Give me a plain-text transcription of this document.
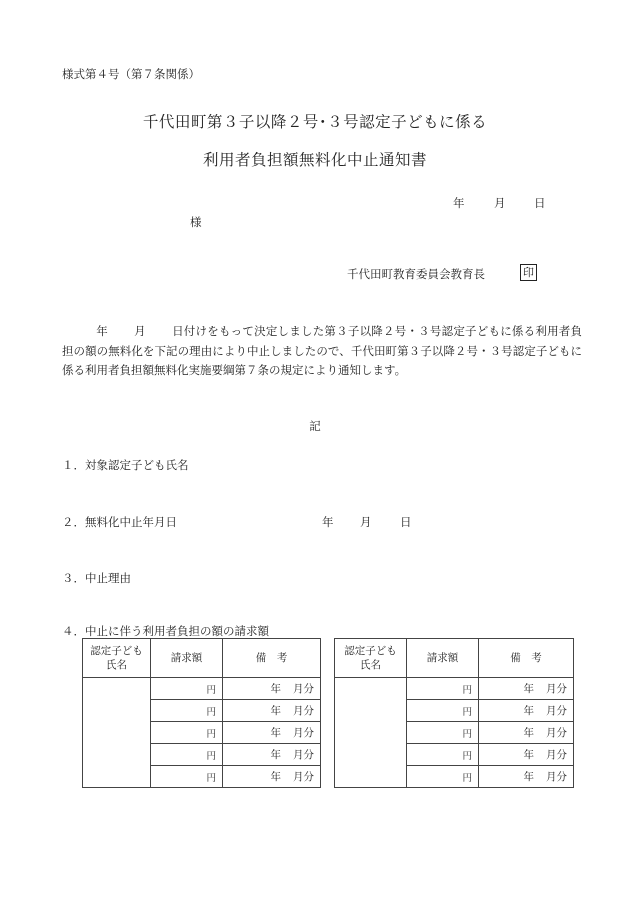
様式第４号（第７条関係）
千代田町第３子以降２号･３号認定子どもに係る
利用者負担額無料化中止通知書
年	月 日
様
千代田町教育委員会教育長	印
年 月 日付けをもって決定しました第３子以降２号・３号認定子どもに係る利用者負担の額の無料化を下記の理由により中止しましたので、千代田町第３子以降２号・３号認定子どもに係る利用者負担額無料化実施要綱第７条の規定により通知します。
記
１．対象認定子ども氏名
２．無料化中止年月日	年 月 日
３．中止理由
４．中止に伴う利用者負担の額の請求額
認定子ども
氏名	請求額	備　考
	円	年 月分
	円	年 月分
	円	年 月分
	円	年 月分
	円	年 月分
認定子ども
氏名	請求額	備　考
	円	年 月分
	円	年 月分
	円	年 月分
	円	年 月分
	円	年 月分
